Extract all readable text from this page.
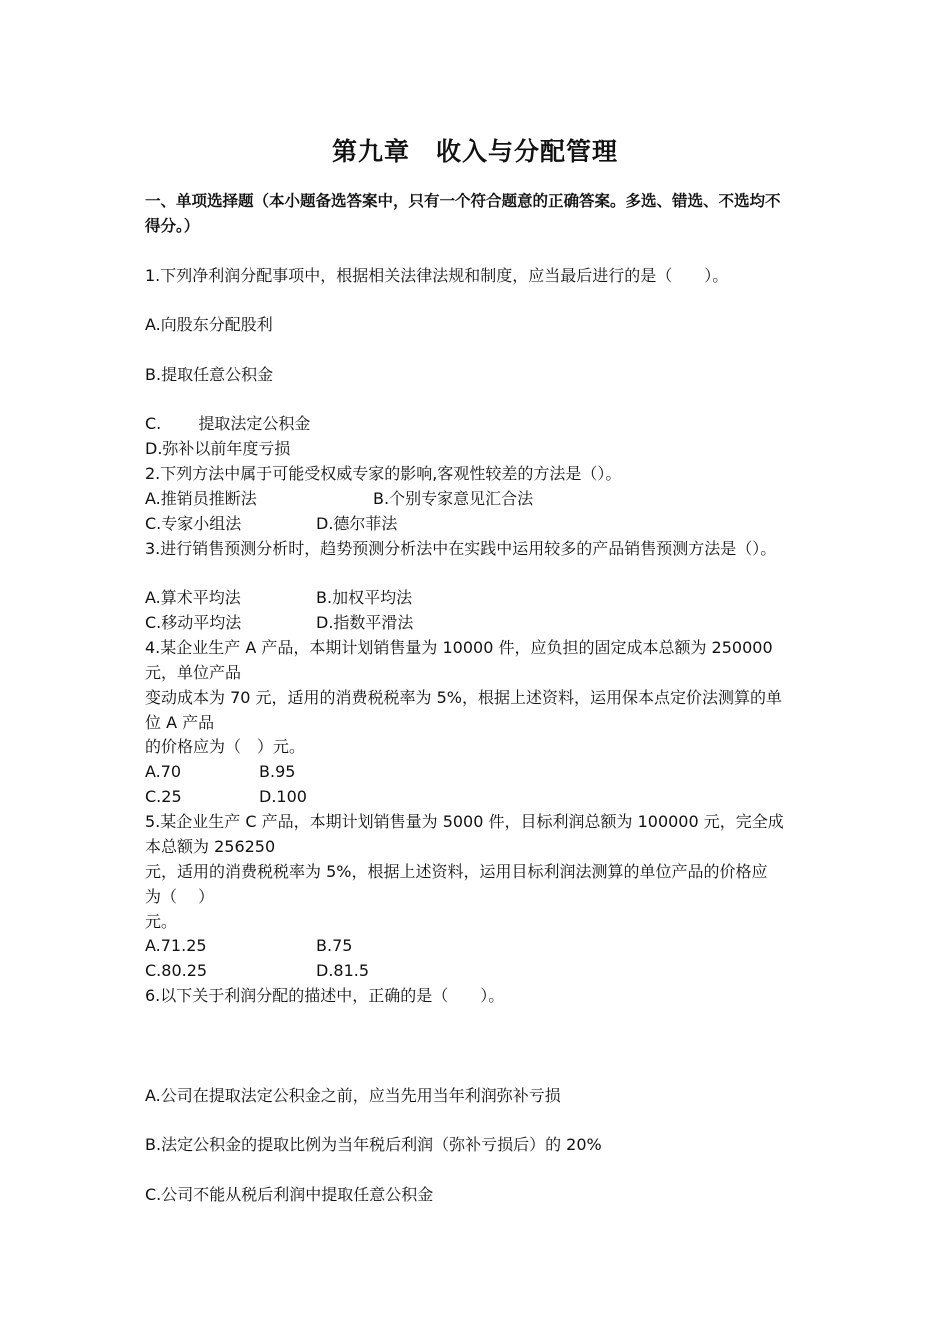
第九章　收入与分配管理
一、单项选择题（本小题备选答案中，只有一个符合题意的正确答案。多选、错选、不选均不
得分。）
1.下列净利润分配事项中，根据相关法律法规和制度，应当最后进行的是（　　）。
A.向股东分配股利
B.提取任意公积金
C.　　 提取法定公积金
D.弥补以前年度亏损
2.下列方法中属于可能受权威专家的影响,客观性较差的方法是（）。
A.推销员推断法	B.个别专家意见汇合法
C.专家小组法	D.德尔菲法
3.进行销售预测分析时，趋势预测分析法中在实践中运用较多的产品销售预测方法是（）。
A.算术平均法	B.加权平均法
C.移动平均法	D.指数平滑法
4.某企业生产 A 产品，本期计划销售量为 10000 件，应负担的固定成本总额为 250000
元，单位产品
变动成本为 70 元，适用的消费税税率为 5%，根据上述资料，运用保本点定价法测算的单
位 A 产品
的价格应为（　）元。
A.70	B.95
C.25	D.100
5.某企业生产 C 产品，本期计划销售量为 5000 件，目标利润总额为 100000 元，完全成
本总额为 256250
元，适用的消费税税率为 5%，根据上述资料，运用目标利润法测算的单位产品的价格应
为（　 ）
元。
A.71.25	B.75
C.80.25	D.81.5
6.以下关于利润分配的描述中，正确的是（　　）。
A.公司在提取法定公积金之前，应当先用当年利润弥补亏损
B.法定公积金的提取比例为当年税后利润（弥补亏损后）的 20%
C.公司不能从税后利润中提取任意公积金
